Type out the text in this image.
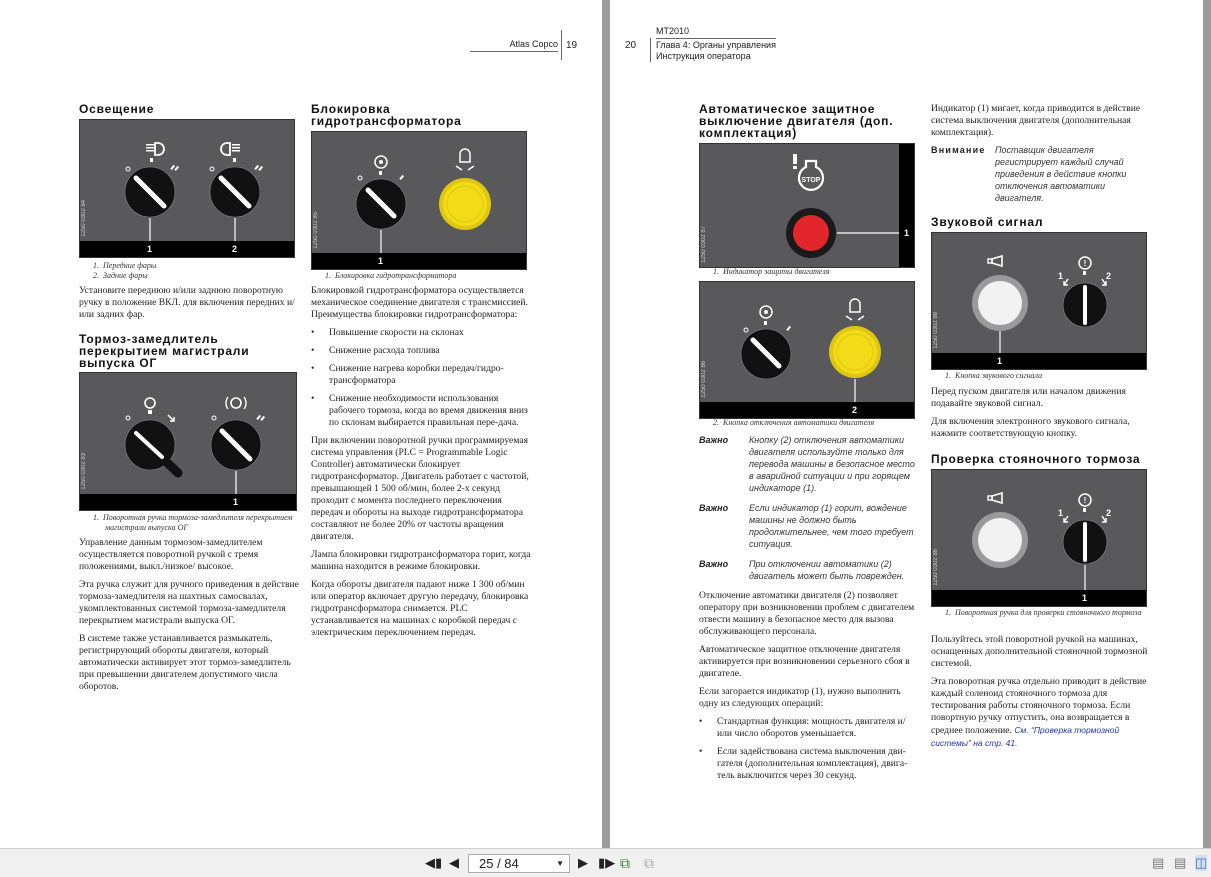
Atlas Copco 19
Освещение
1250 0302 84
1	2
1. Передние фары
2. Задние фары
Установите переднюю и/или заднюю поворотную ручку в положение ВКЛ. для включения передних и/или задних фар.
Тормоз-замедлитель перекрытием магистрали выпуска ОГ
1250 0302 83
1
1. Поворотная ручка тормоза-замедлителя перекрытием магистрали выпуска ОГ
Управление данным тормозом-замедлителем осуществляется поворотной ручкой с тремя положениями, выкл./низкое/ высокое.
Эта ручка служит для ручного приведения в действие тормоза-замедлителя на шахтных самосвалах, укомплектованных системой тормоза-замедлителя перекрытием магистрали выпуска ОГ.
В системе также устанавливается размыкатель, регистрирующий обороты двигателя, который автоматически активирует этот тормоз-замедлитель при превышении двигателем допустимого числа оборотов.
Блокировка гидротрансформатора
1250 0302 85
1
1. Блокировка гидротрансформатора
Блокировкой гидротрансформатора осуществляется механическое соединение двигателя с трансмиссией. Преимущества блокировки гидротрансформатора:
• Повышение скорости на склонах
• Снижение расхода топлива
• Снижение нагрева коробки передач/гидро-трансформатора
• Снижение необходимости использования рабочего тормоза, когда во время движения вниз по склонам выбирается правильная пере-дача.
При включении поворотной ручки программируемая система управления (PLC = Programmable Logic Controller) автоматически блокирует гидротрансформатор. Двигатель работает с частотой, превышающей 1 500 об/мин, более 2-х секунд проходит с момента последнего переключения передач и обороты на выходе гидротрансформатора составляют не более 20% от частоты вращения двигателя.
Лампа блокировки гидротрансформатора горит, когда машина находится в режиме блокировки.
Когда обороты двигателя падают ниже 1 300 об/мин или оператор включает другую передачу, блокировка гидротрансформатора снимается. PLC устанавливается на машинах с коробкой передач с электрическим переключением передач.
20
MT2010
Глава 4: Органы управления
Инструкция оператора
Автоматическое защитное выключение двигателя (доп. комплектация)
STOP
1250 0302 87	1
1. Индикатор защиты двигателя
1250 0302 86
2
2. Кнопка отключения автоматики двигателя
Важно	Кнопку (2) отключения автоматики двигателя используйте только для перевода машины в безопасное место в аварийной ситуации и при горящем индикаторе (1).
Важно	Если индикатор (1) горит, вождение машины не должно быть продолжительнее, чем того требует ситуация.
Важно	При отключении автоматики (2) двигатель может быть поврежден.
Отключение автоматики двигателя (2) позволяет оператору при возникновении проблем с двигателем отвести машину в безопасное место для вызова обслуживающего персонала.
Автоматическое защитное отключение двигателя активируется при возникновении серьезного сбоя в двигателе.
Если загорается индикатор (1), нужно выполнить одну из следующих операций:
• Стандартная функция: мощность двигателя и/ или число оборотов уменьшается.
• Если задействована система выключения дви-гателя (дополнительная комплектация), двига-тель выключится через 30 секунд.
Индикатор (1) мигает, когда приводится в действие система выключения двигателя (дополнительная комплектация).
Внимание	Поставщик двигателя регистрирует каждый случай приведения в действие кнопки отключения автоматики двигателя.
Звуковой сигнал
!
1	2
1250 0302 88
1
1. Кнопка звукового сигнала
Перед пуском двигателя или началом движения подавайте звуковой сигнал.
Для включения электронного звукового сигнала, нажмите соответствующую кнопку.
Проверка стояночного тормоза
!
1	2
1250 0302 86
1
1. Поворотная ручка для проверки стояночного тормоза
Пользуйтесь этой поворотной ручкой на машинах, оснащенных дополнительной стояночной тормозной системой.
Эта поворотная ручка отдельно приводит в действие каждый соленоид стояночного тормоза для тестирования работы стояночного тормоза. Если повортную ручку отпустить, она возвращается в среднее положение. См. “Проверка тормозной системы” на стр. 41.
◀▮ ◀	25 / 84	▼ ▶ ▮▶ ⧉ ⧉	▤ ▤ ◫
